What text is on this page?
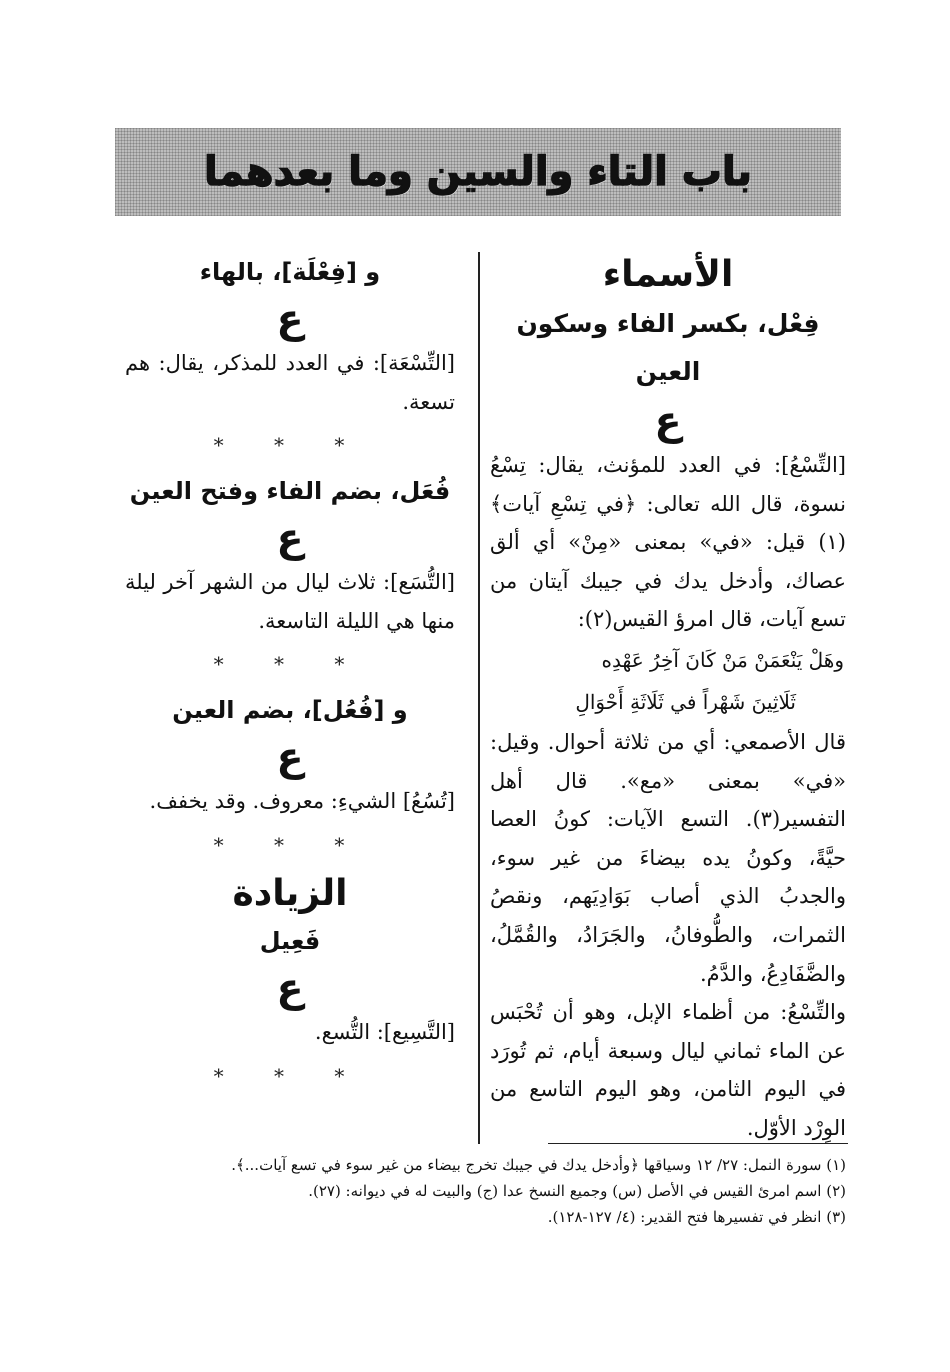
باب التاء والسين وما بعدهما
الأسماء
فِعْل، بكسر الفاء وسكون العين
ع

[التِّسْعُ]: في العدد للمؤنث، يقال: تِسْعُ نسوة، قال الله تعالى: ﴿في تِسْعِ آيات﴾(١) قيل: «في» بمعنى «مِنْ» أي ألق عصاك، وأدخل يدك في جيبك آيتان من تسع آيات، قال امرؤ القيس(٢):

وهَلْ يَنْعَمَنْ مَنْ كَانَ آخِرُ عَهْدِه

ثَلَاثِينَ شَهْراً في ثَلَاثَةِ أَحْوَالِ

قال الأصمعي: أي من ثلاثة أحوال. وقيل: «في» بمعنى «مع». قال أهل التفسير(٣). التسع الآيات: كونُ العصا حيَّةً، وكونُ يده بيضاءَ من غير سوء، والجدبُ الذي أصاب بَوَادِيَهم، ونقصُ الثمرات، والطُّوفانُ، والجَرَادُ، والقُمَّلُ، والضَّفَادِعُ، والدَّمُ.

والتِّسْعُ: من أظماء الإبل، وهو أن تُحْبَس عن الماء ثماني ليال وسبعة أيام، ثم تُورَد في اليوم الثامن، وهو اليوم التاسع من الوِرْد الأوّل.

و [فِعْلَة]، بالهاء
ع

[التِّسْعَة]: في العدد للمذكر، يقال: هم تسعة.

* * *
فُعَل، بضم الفاء وفتح العين
ع

[التُّسَع]: ثلاث ليال من الشهر آخر ليلة منها هي الليلة التاسعة.

* * *
و [فُعُل]، بضم العين
ع

[تُسُعُ] الشيءِ: معروف. وقد يخفف.

* * *
الزيادة
فَعِيل
ع

[التَّسِيع]: التُّسع.

* * *

(١) سورة النمل: ٢٧/ ١٢ وسياقها ﴿وأدخل يدك في جيبك تخرج بيضاء من غير سوء في تسع آيات...﴾.

(٢) اسم امرئ القيس في الأصل (س) وجميع النسخ عدا (ج) والبيت له في ديوانه: (٢٧).

(٣) انظر في تفسيرها فتح القدير: (٤/ ١٢٧-١٢٨).
